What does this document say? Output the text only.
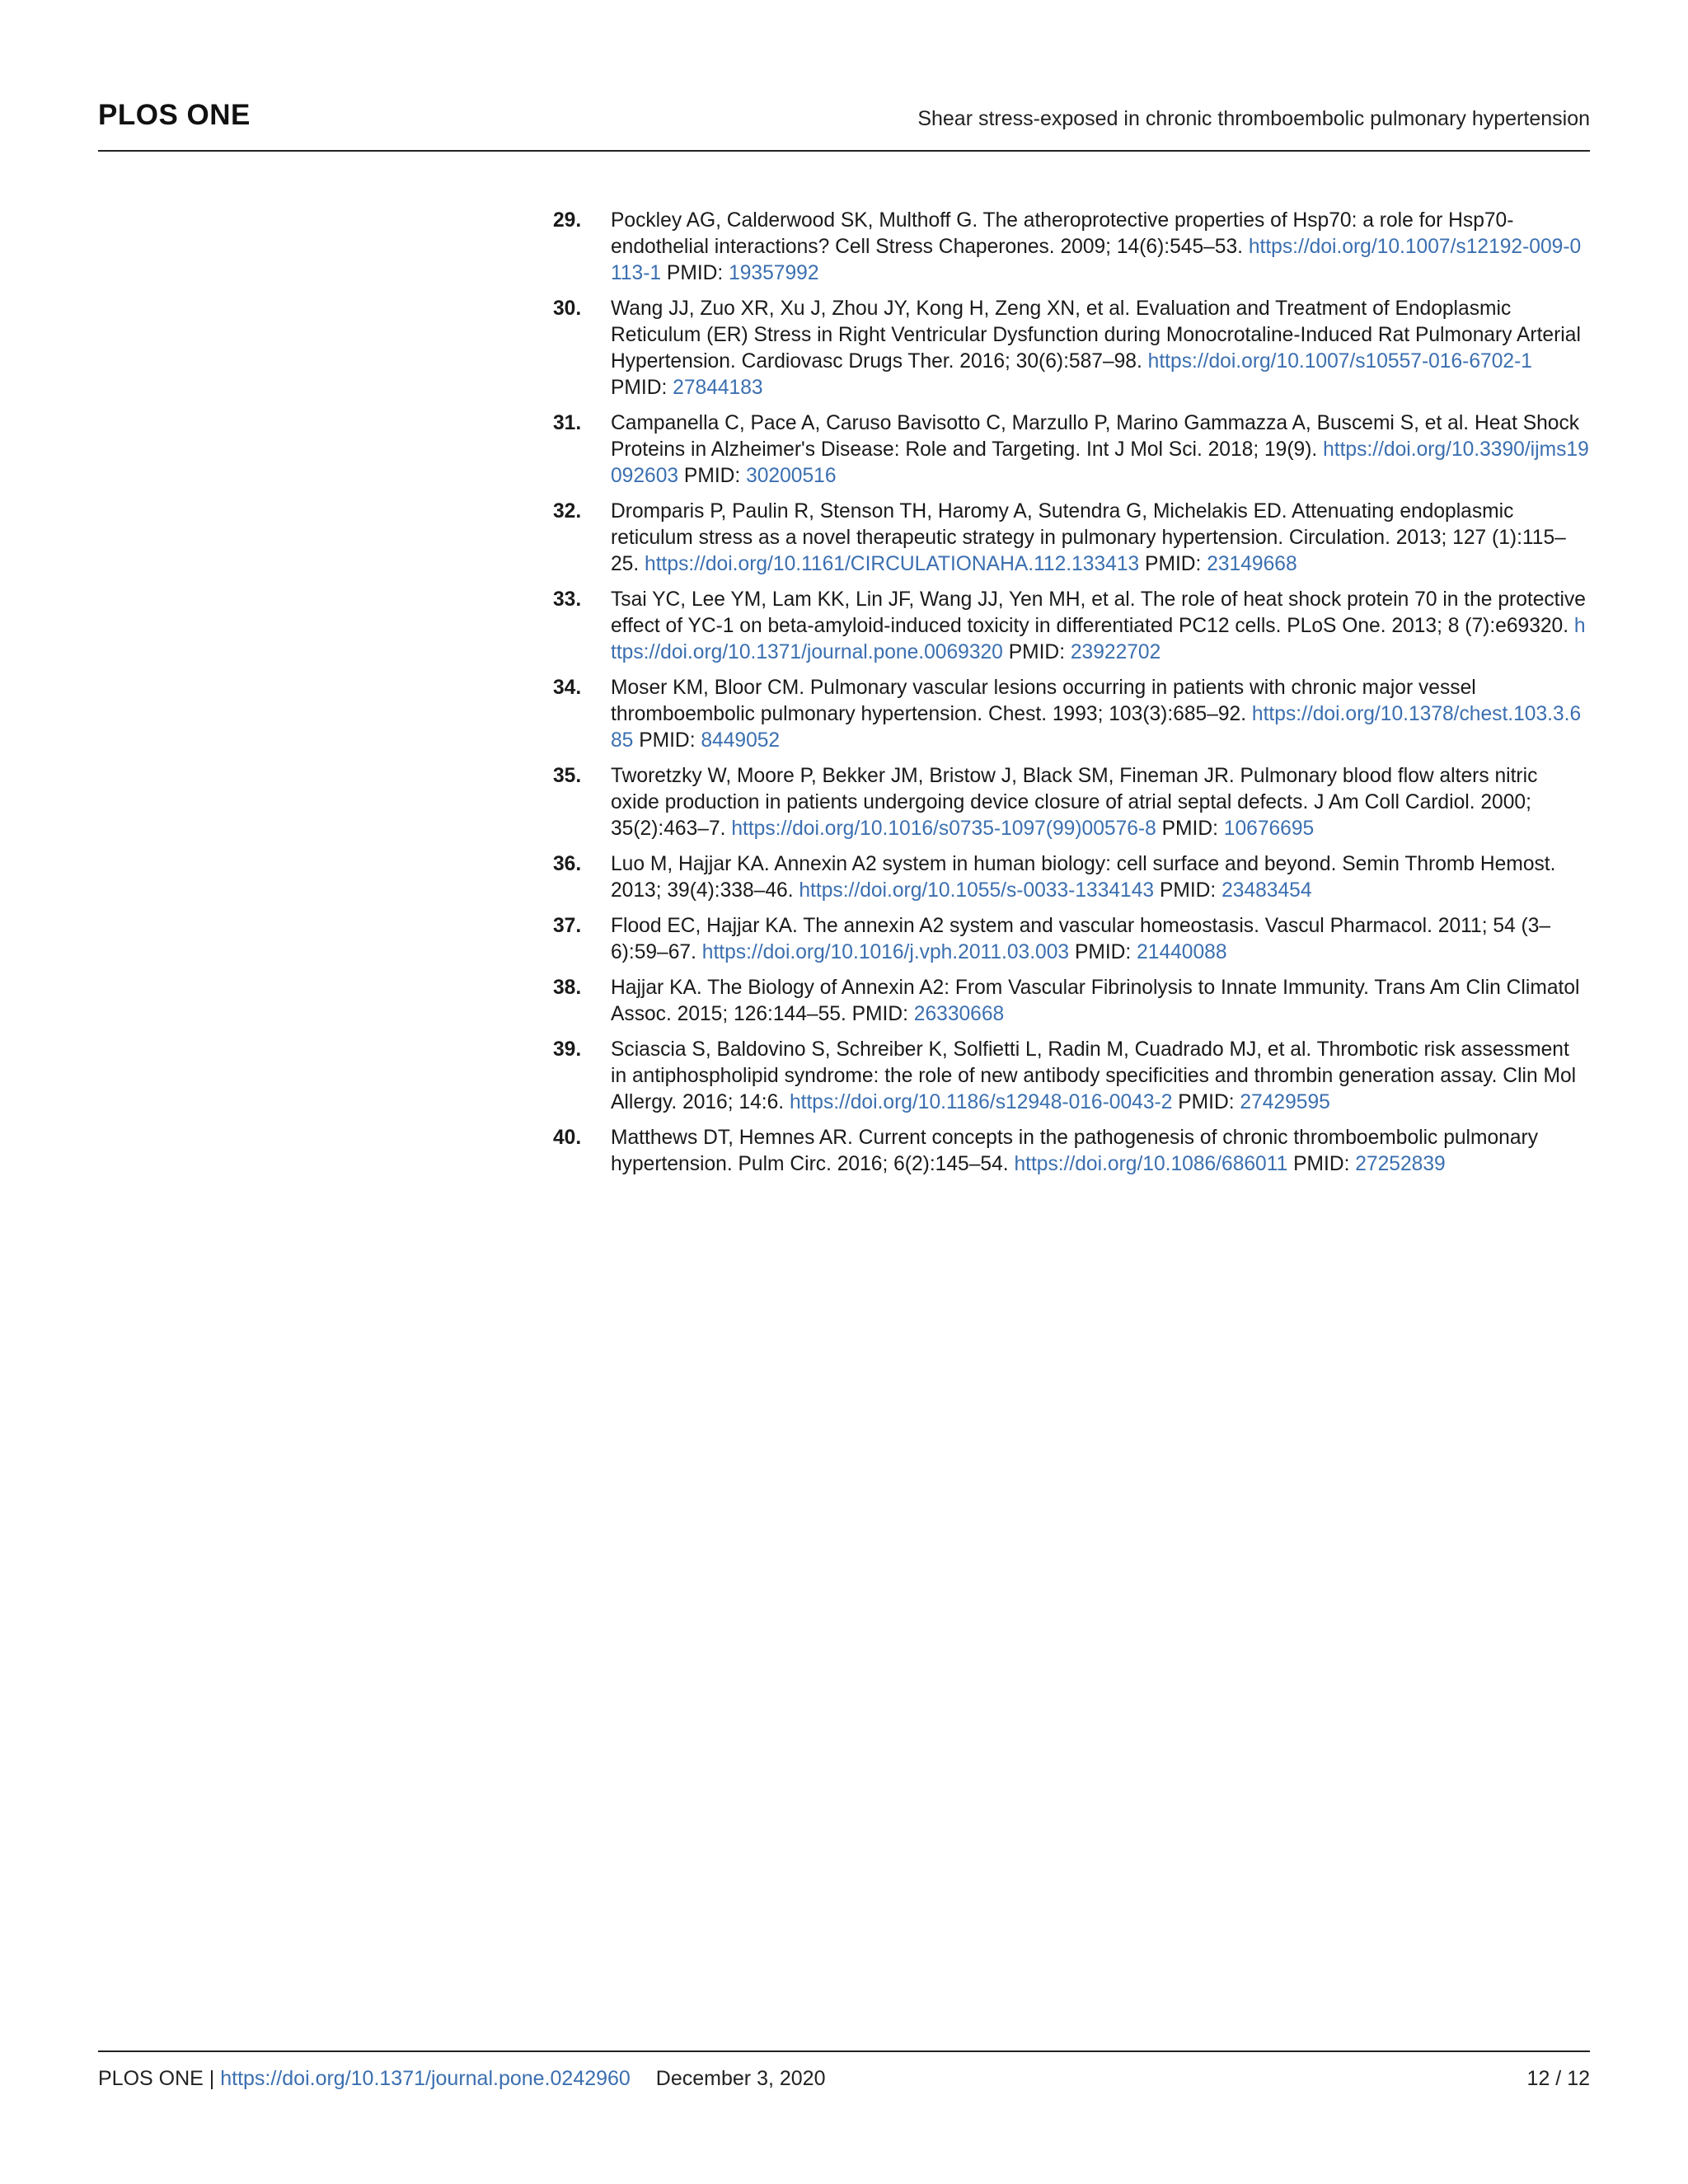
PLOS ONE	Shear stress-exposed in chronic thromboembolic pulmonary hypertension
29. Pockley AG, Calderwood SK, Multhoff G. The atheroprotective properties of Hsp70: a role for Hsp70-endothelial interactions? Cell Stress Chaperones. 2009; 14(6):545–53. https://doi.org/10.1007/s12192-009-0113-1 PMID: 19357992
30. Wang JJ, Zuo XR, Xu J, Zhou JY, Kong H, Zeng XN, et al. Evaluation and Treatment of Endoplasmic Reticulum (ER) Stress in Right Ventricular Dysfunction during Monocrotaline-Induced Rat Pulmonary Arterial Hypertension. Cardiovasc Drugs Ther. 2016; 30(6):587–98. https://doi.org/10.1007/s10557-016-6702-1 PMID: 27844183
31. Campanella C, Pace A, Caruso Bavisotto C, Marzullo P, Marino Gammazza A, Buscemi S, et al. Heat Shock Proteins in Alzheimer's Disease: Role and Targeting. Int J Mol Sci. 2018; 19(9). https://doi.org/10.3390/ijms19092603 PMID: 30200516
32. Dromparis P, Paulin R, Stenson TH, Haromy A, Sutendra G, Michelakis ED. Attenuating endoplasmic reticulum stress as a novel therapeutic strategy in pulmonary hypertension. Circulation. 2013; 127 (1):115–25. https://doi.org/10.1161/CIRCULATIONAHA.112.133413 PMID: 23149668
33. Tsai YC, Lee YM, Lam KK, Lin JF, Wang JJ, Yen MH, et al. The role of heat shock protein 70 in the protective effect of YC-1 on beta-amyloid-induced toxicity in differentiated PC12 cells. PLoS One. 2013; 8 (7):e69320. https://doi.org/10.1371/journal.pone.0069320 PMID: 23922702
34. Moser KM, Bloor CM. Pulmonary vascular lesions occurring in patients with chronic major vessel thromboembolic pulmonary hypertension. Chest. 1993; 103(3):685–92. https://doi.org/10.1378/chest.103.3.685 PMID: 8449052
35. Tworetzky W, Moore P, Bekker JM, Bristow J, Black SM, Fineman JR. Pulmonary blood flow alters nitric oxide production in patients undergoing device closure of atrial septal defects. J Am Coll Cardiol. 2000; 35(2):463–7. https://doi.org/10.1016/s0735-1097(99)00576-8 PMID: 10676695
36. Luo M, Hajjar KA. Annexin A2 system in human biology: cell surface and beyond. Semin Thromb Hemost. 2013; 39(4):338–46. https://doi.org/10.1055/s-0033-1334143 PMID: 23483454
37. Flood EC, Hajjar KA. The annexin A2 system and vascular homeostasis. Vascul Pharmacol. 2011; 54 (3–6):59–67. https://doi.org/10.1016/j.vph.2011.03.003 PMID: 21440088
38. Hajjar KA. The Biology of Annexin A2: From Vascular Fibrinolysis to Innate Immunity. Trans Am Clin Climatol Assoc. 2015; 126:144–55. PMID: 26330668
39. Sciascia S, Baldovino S, Schreiber K, Solfietti L, Radin M, Cuadrado MJ, et al. Thrombotic risk assessment in antiphospholipid syndrome: the role of new antibody specificities and thrombin generation assay. Clin Mol Allergy. 2016; 14:6. https://doi.org/10.1186/s12948-016-0043-2 PMID: 27429595
40. Matthews DT, Hemnes AR. Current concepts in the pathogenesis of chronic thromboembolic pulmonary hypertension. Pulm Circ. 2016; 6(2):145–54. https://doi.org/10.1086/686011 PMID: 27252839
PLOS ONE | https://doi.org/10.1371/journal.pone.0242960 December 3, 2020	12 / 12
